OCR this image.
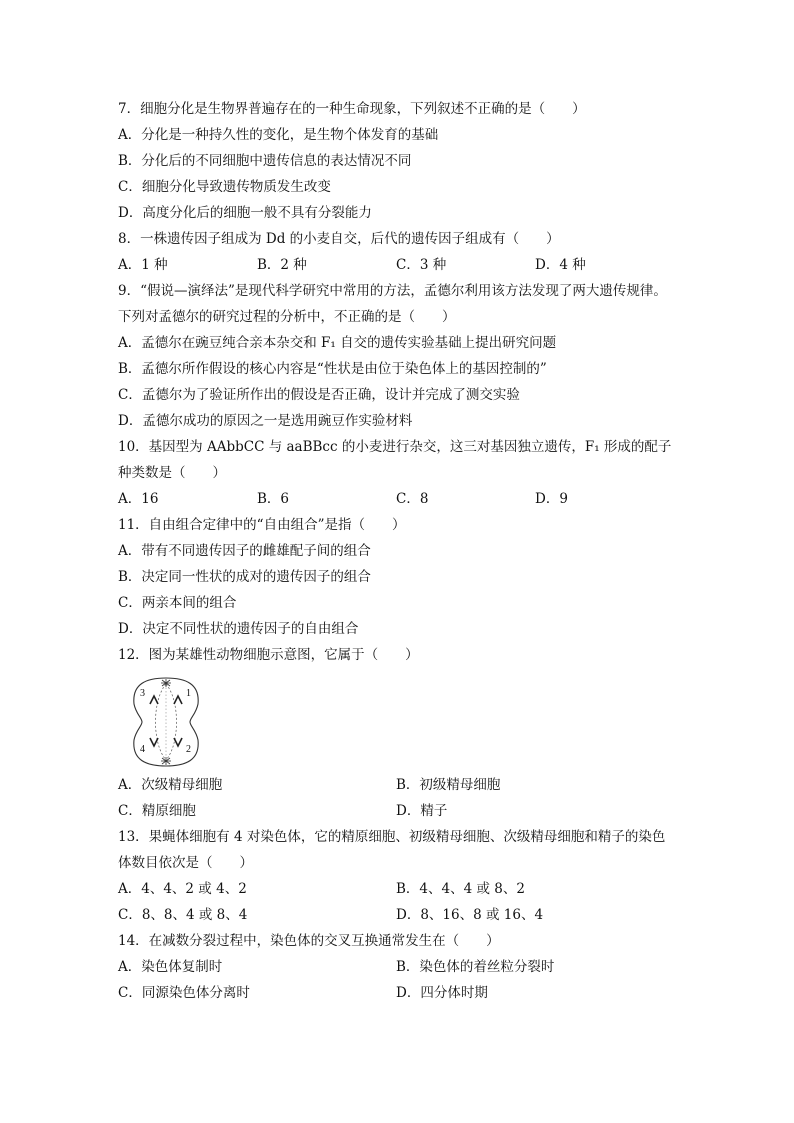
7．细胞分化是生物界普遍存在的一种生命现象，下列叙述不正确的是（　　）
A．分化是一种持久性的变化，是生物个体发育的基础
B．分化后的不同细胞中遗传信息的表达情况不同
C．细胞分化导致遗传物质发生改变
D．高度分化后的细胞一般不具有分裂能力
8．一株遗传因子组成为 Dd 的小麦自交，后代的遗传因子组成有（　　）
A．1 种	B．2 种	C．3 种	D．4 种
9．“假说—演绎法”是现代科学研究中常用的方法，孟德尔利用该方法发现了两大遗传规律。
下列对孟德尔的研究过程的分析中，不正确的是（　　）
A．孟德尔在豌豆纯合亲本杂交和 F₁ 自交的遗传实验基础上提出研究问题
B．孟德尔所作假设的核心内容是“性状是由位于染色体上的基因控制的”
C．孟德尔为了验证所作出的假设是否正确，设计并完成了测交实验
D．孟德尔成功的原因之一是选用豌豆作实验材料
10．基因型为 AAbbCC 与 aaBBcc 的小麦进行杂交，这三对基因独立遗传，F₁ 形成的配子
种类数是（　　）
A．16	B．6	C．8	D．9
11．自由组合定律中的“自由组合”是指（　　）
A．带有不同遗传因子的雌雄配子间的组合
B．决定同一性状的成对的遗传因子的组合
C．两亲本间的组合
D．决定不同性状的遗传因子的自由组合
12．图为某雄性动物细胞示意图，它属于（　　）
3	1
4	2
A．次级精母细胞	B．初级精母细胞
C．精原细胞	D．精子
13．果蝇体细胞有 4 对染色体，它的精原细胞、初级精母细胞、次级精母细胞和精子的染色
体数目依次是（　　）
A．4、4、2 或 4、2	B．4、4、4 或 8、2
C．8、8、4 或 8、4	D．8、16、8 或 16、4
14．在减数分裂过程中，染色体的交叉互换通常发生在（　　）
A．染色体复制时	B．染色体的着丝粒分裂时
C．同源染色体分离时	D．四分体时期
